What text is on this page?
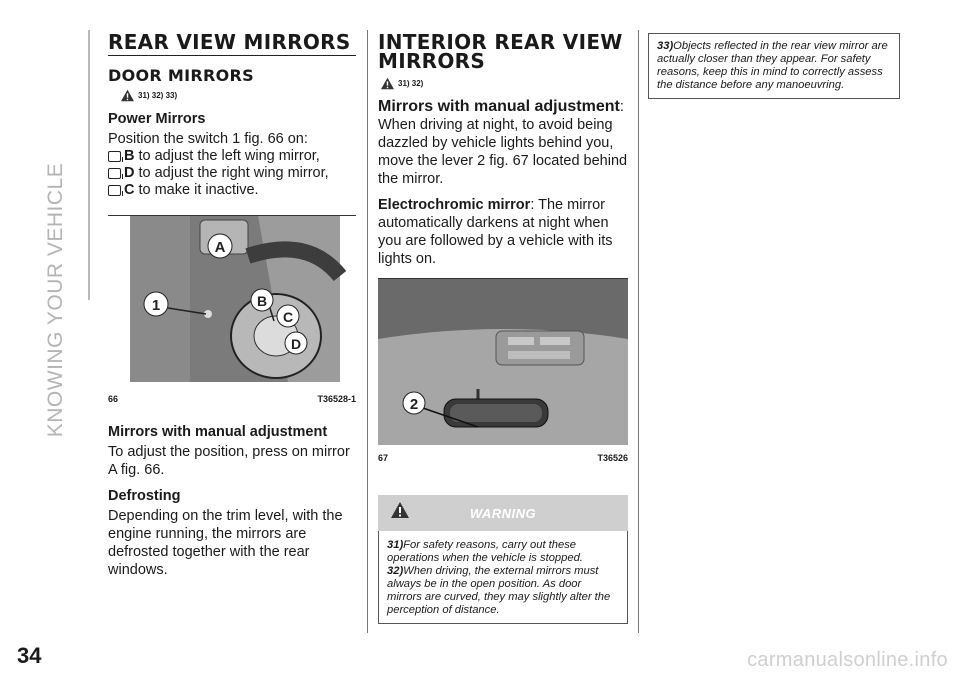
KNOWING YOUR VEHICLE
REAR VIEW MIRRORS
DOOR MIRRORS
31) 32) 33)
Power Mirrors
Position the switch 1 fig. 66 on:
B to adjust the left wing mirror,
D to adjust the right wing mirror,
C to make it inactive.
A
1	B
C
D
66	T36528-1
Mirrors with manual adjustment
To adjust the position, press on mirror A fig. 66.
Defrosting
Depending on the trim level, with the engine running, the mirrors are defrosted together with the rear windows.
INTERIOR REAR VIEW MIRRORS
31) 32)
Mirrors with manual adjustment: When driving at night, to avoid being dazzled by vehicle lights behind you, move the lever 2 fig. 67 located behind the mirror.
Electrochromic mirror: The mirror automatically darkens at night when you are followed by a vehicle with its lights on.
2
67	T36526
WARNING
31)For safety reasons, carry out these operations when the vehicle is stopped.
32)When driving, the external mirrors must always be in the open position. As door mirrors are curved, they may slightly alter the perception of distance.
33)Objects reflected in the rear view mirror are actually closer than they appear. For safety reasons, keep this in mind to correctly assess the distance before any manoeuvring.
34	carmanualsonline.info
